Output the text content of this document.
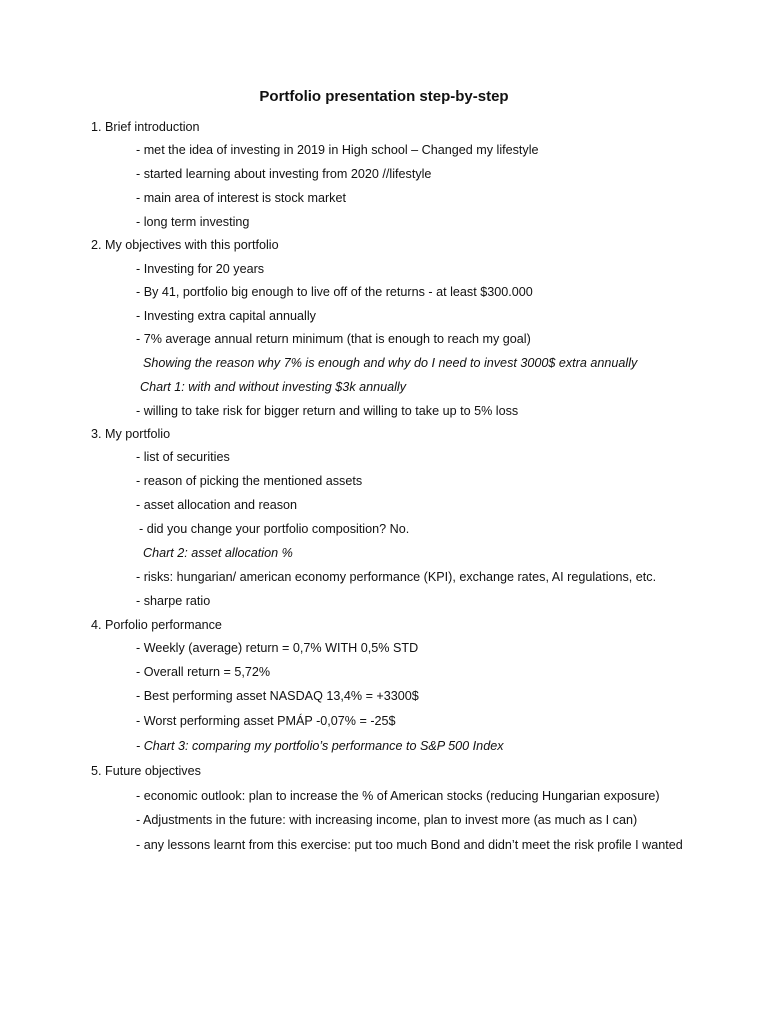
Portfolio presentation step-by-step
1. Brief introduction
- met the idea of investing in 2019 in High school – Changed my lifestyle
- started learning about investing from 2020 //lifestyle
- main area of interest is stock market
- long term investing
2. My objectives with this portfolio
- Investing for 20 years
- By 41, portfolio big enough to live off of the returns - at least $300.000
- Investing extra capital annually
- 7% average annual return minimum (that is enough to reach my goal)
Showing the reason why 7% is enough and why do I need to invest 3000$ extra annually
Chart 1: with and without investing $3k annually
- willing to take risk for bigger return and willing to take up to 5% loss
3. My portfolio
- list of securities
- reason of picking the mentioned assets
- asset allocation and reason
- did you change your portfolio composition? No.
Chart 2: asset allocation %
- risks: hungarian/ american economy performance (KPI), exchange rates, AI regulations, etc.
- sharpe ratio
4. Porfolio performance
- Weekly (average) return = 0,7% WITH 0,5% STD
- Overall return = 5,72%
- Best performing asset NASDAQ 13,4% = +3300$
- Worst performing asset PMÁP -0,07% = -25$
- Chart 3: comparing my portfolio’s performance to S&P 500 Index
5. Future objectives
- economic outlook: plan to increase the % of American stocks (reducing Hungarian exposure)
- Adjustments in the future: with increasing income, plan to invest more (as much as I can)
- any lessons learnt from this exercise: put too much Bond and didn’t meet the risk profile I wanted
